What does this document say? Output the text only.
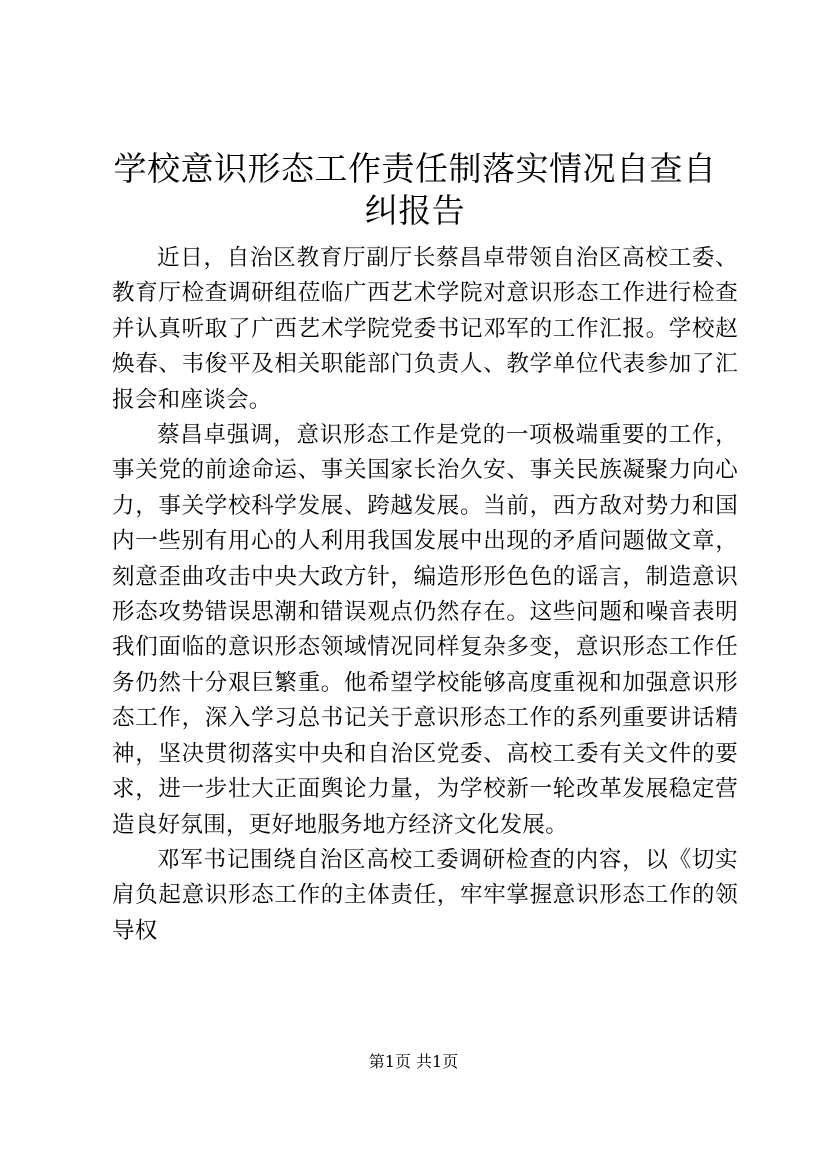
学校意识形态工作责任制落实情况自查自纠报告

近日，自治区教育厅副厅长蔡昌卓带领自治区高校工委、教育厅检查调研组莅临广西艺术学院对意识形态工作进行检查并认真听取了广西艺术学院党委书记邓军的工作汇报。学校赵焕春、韦俊平及相关职能部门负责人、教学单位代表参加了汇报会和座谈会。

蔡昌卓强调，意识形态工作是党的一项极端重要的工作，事关党的前途命运、事关国家长治久安、事关民族凝聚力向心力，事关学校科学发展、跨越发展。当前，西方敌对势力和国内一些别有用心的人利用我国发展中出现的矛盾问题做文章，刻意歪曲攻击中央大政方针，编造形形色色的谣言，制造意识形态攻势错误思潮和错误观点仍然存在。这些问题和噪音表明我们面临的意识形态领域情况同样复杂多变，意识形态工作任务仍然十分艰巨繁重。他希望学校能够高度重视和加强意识形态工作，深入学习总书记关于意识形态工作的系列重要讲话精神，坚决贯彻落实中央和自治区党委、高校工委有关文件的要求，进一步壮大正面舆论力量，为学校新一轮改革发展稳定营造良好氛围，更好地服务地方经济文化发展。

邓军书记围绕自治区高校工委调研检查的内容，以《切实肩负起意识形态工作的主体责任，牢牢掌握意识形态工作的领导权

第1页 共1页
